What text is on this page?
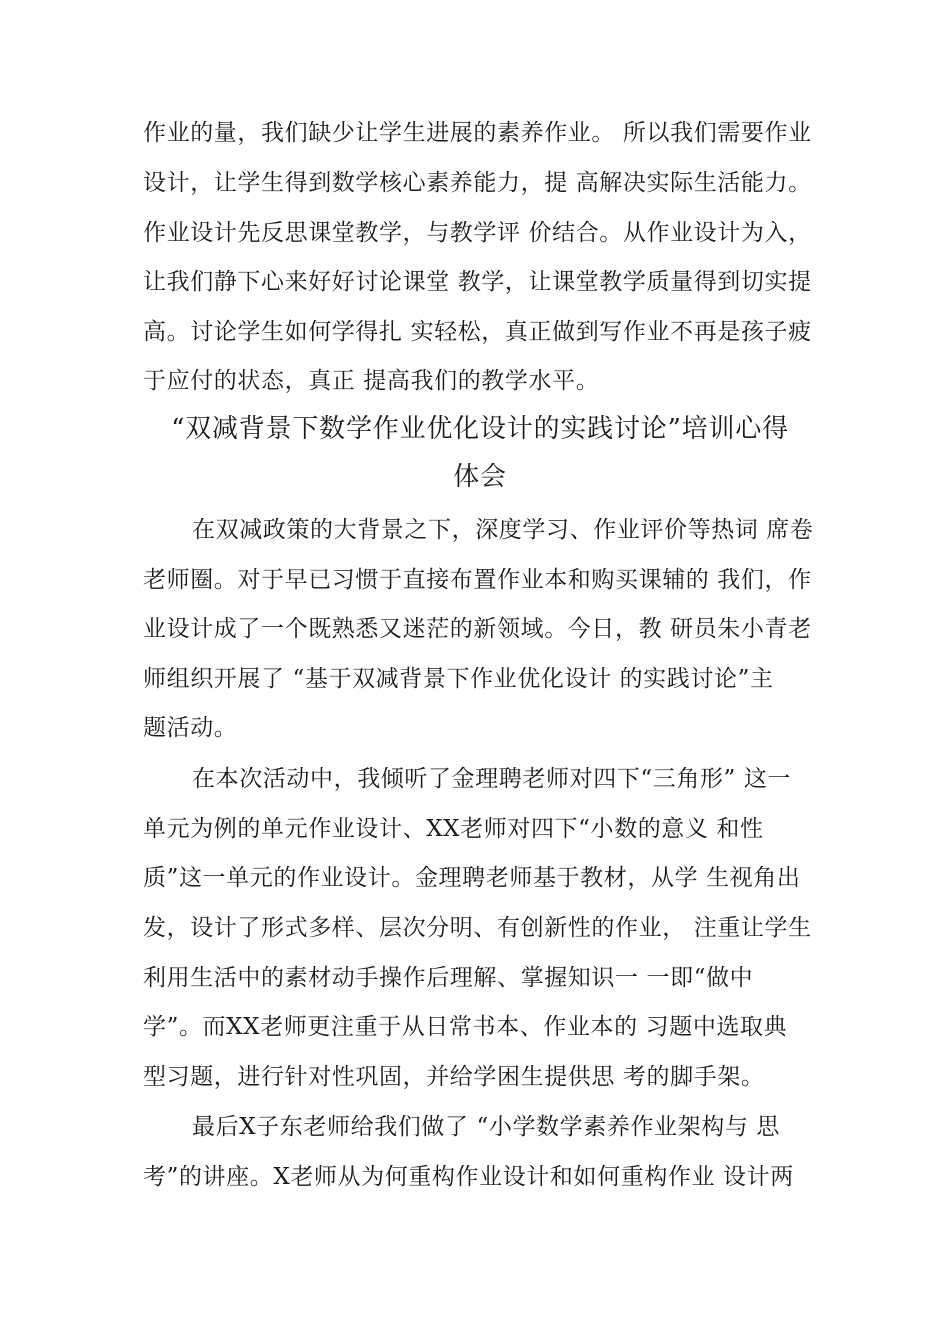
作业的量，我们缺少让学生进展的素养作业。 所以我们需要作业
设计，让学生得到数学核心素养能力，提 高解决实际生活能力。
作业设计先反思课堂教学，与教学评 价结合。从作业设计为入，
让我们静下心来好好讨论课堂 教学，让课堂教学质量得到切实提
高。讨论学生如何学得扎 实轻松，真正做到写作业不再是孩子疲
于应付的状态，真正 提高我们的教学水平。
“双减背景下数学作业优化设计的实践讨论”培训心得
体会
在双减政策的大背景之下，深度学习、作业评价等热词 席卷
老师圈。对于早已习惯于直接布置作业本和购买课辅的 我们，作
业设计成了一个既熟悉又迷茫的新领域。今日，教 研员朱小青老
师组织开展了 “基于双减背景下作业优化设计 的实践讨论”主
题活动。
在本次活动中，我倾听了金理聘老师对四下“三角形” 这一
单元为例的单元作业设计、XX老师对四下“小数的意义 和性
质”这一单元的作业设计。金理聘老师基于教材，从学 生视角出
发，设计了形式多样、层次分明、有创新性的作业， 注重让学生
利用生活中的素材动手操作后理解、掌握知识一 一即“做中
学”。而XX老师更注重于从日常书本、作业本的 习题中选取典
型习题，进行针对性巩固，并给学困生提供思 考的脚手架。
最后X子东老师给我们做了 “小学数学素养作业架构与 思
考”的讲座。X老师从为何重构作业设计和如何重构作业 设计两
